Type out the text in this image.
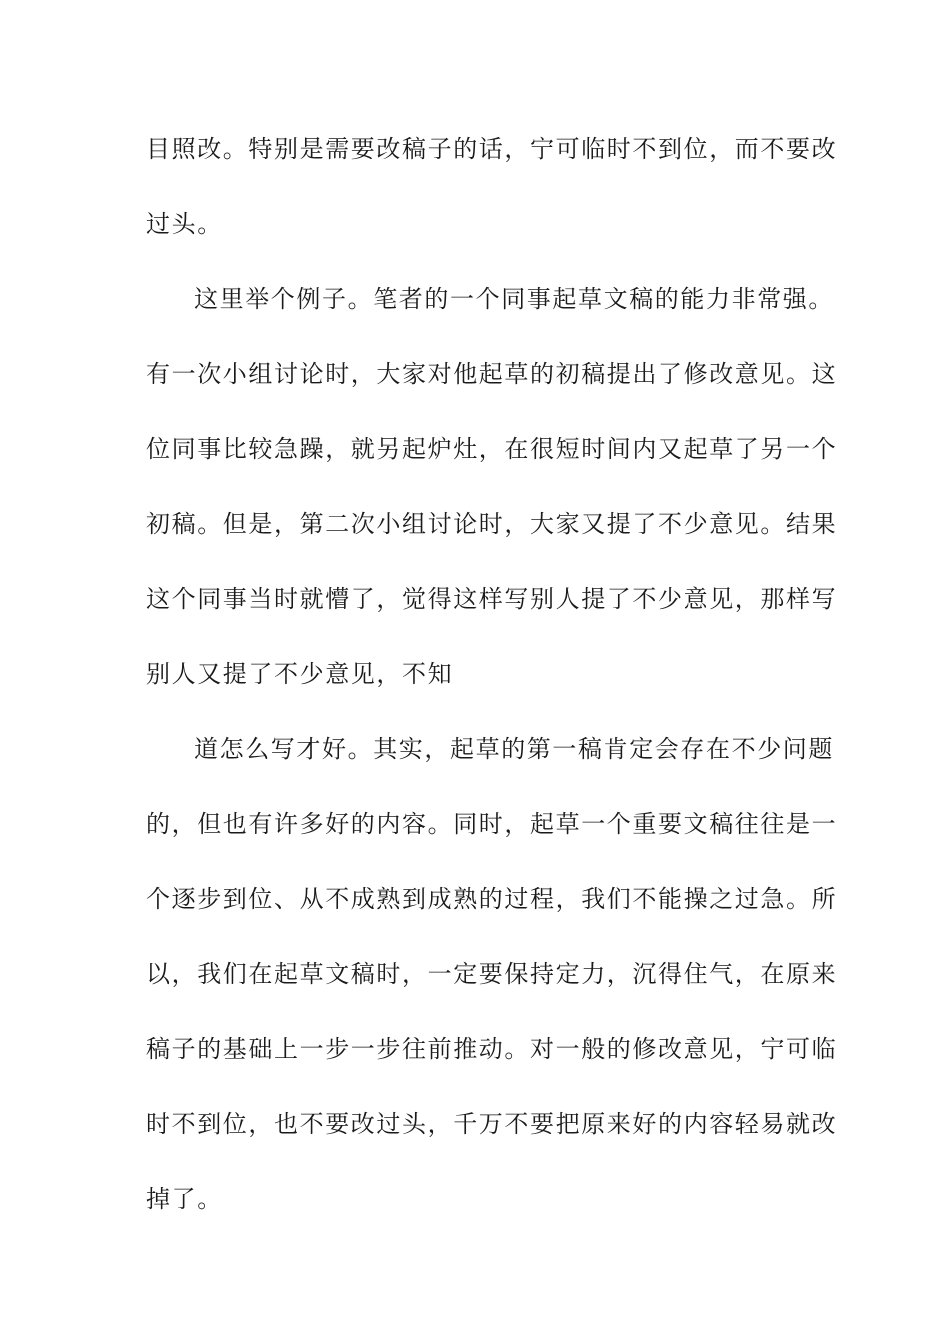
目照改。特别是需要改稿子的话，宁可临时不到位，而不要改
过头。
这里举个例子。笔者的一个同事起草文稿的能力非常强。
有一次小组讨论时，大家对他起草的初稿提出了修改意见。这
位同事比较急躁，就另起炉灶，在很短时间内又起草了另一个
初稿。但是，第二次小组讨论时，大家又提了不少意见。结果
这个同事当时就懵了，觉得这样写别人提了不少意见，那样写
别人又提了不少意见，不知
道怎么写才好。其实，起草的第一稿肯定会存在不少问题
的，但也有许多好的内容。同时，起草一个重要文稿往往是一
个逐步到位、从不成熟到成熟的过程，我们不能操之过急。所
以，我们在起草文稿时，一定要保持定力，沉得住气，在原来
稿子的基础上一步一步往前推动。对一般的修改意见，宁可临
时不到位，也不要改过头，千万不要把原来好的内容轻易就改
掉了。
